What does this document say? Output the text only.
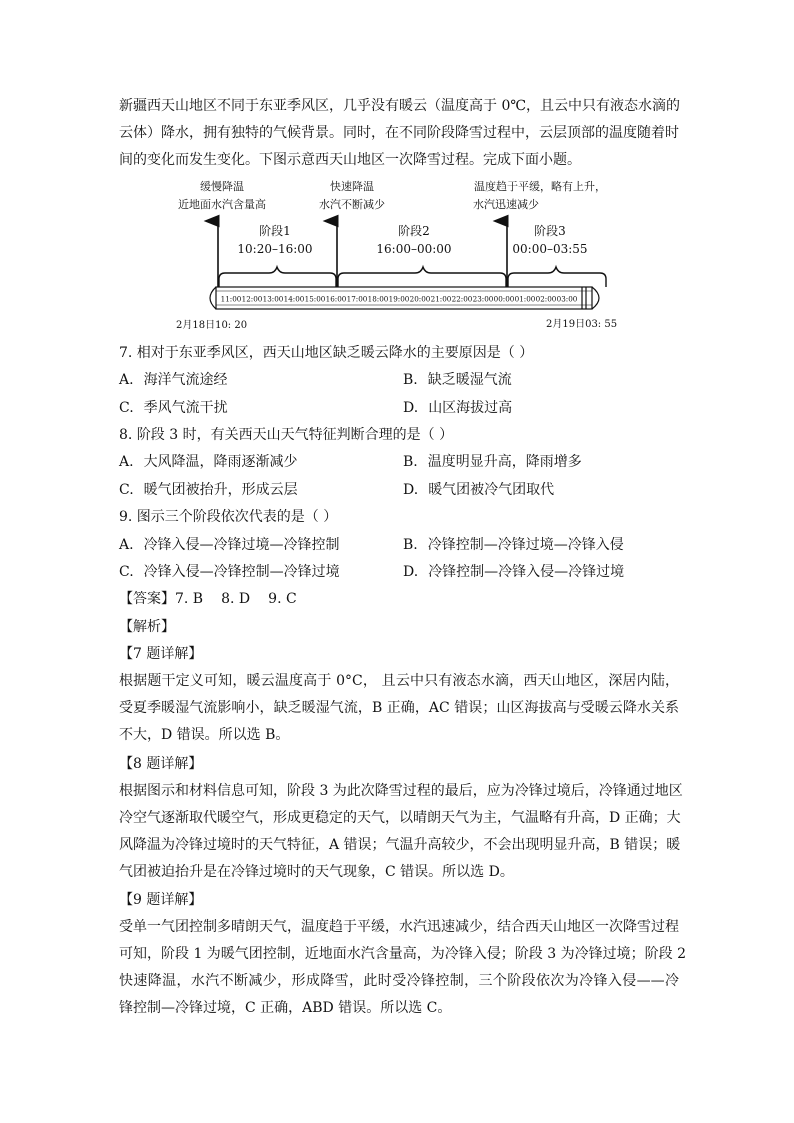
新疆西天山地区不同于东亚季风区，几乎没有暖云（温度高于 0℃，且云中只有液态水滴的
云体）降水，拥有独特的气候背景。同时，在不同阶段降雪过程中，云层顶部的温度随着时
间的变化而发生变化。下图示意西天山地区一次降雪过程。完成下面小题。
缓慢降温
近地面水汽含量高
快速降温
水汽不断减少
温度趋于平缓，略有上升，
水汽迅速减少
阶段1
10:20–16:00
阶段2
16:00–00:00
阶段3
00:00–03:55
11:00 12:00 13:00 14:00 15:00 16:00 17:00 18:00 19:00 20:00 21:00 22:00 23:00 00:00 01:00 02:00 03:00
2月18日10: 20	2月19日03: 55
7. 相对于东亚季风区，西天山地区缺乏暖云降水的主要原因是（ ）
A. 海洋气流途经	B. 缺乏暖湿气流
C. 季风气流干扰	D. 山区海拔过高
8. 阶段 3 时，有关西天山天气特征判断合理的是（ ）
A. 大风降温，降雨逐渐减少	B. 温度明显升高，降雨增多
C. 暖气团被抬升，形成云层	D. 暖气团被冷气团取代
9. 图示三个阶段依次代表的是（ ）
A. 冷锋入侵—冷锋过境—冷锋控制	B. 冷锋控制—冷锋过境—冷锋入侵
C. 冷锋入侵—冷锋控制—冷锋过境	D. 冷锋控制—冷锋入侵—冷锋过境
【答案】7. B 8. D 9. C
【解析】
【7 题详解】
根据题干定义可知，暖云温度高于 0°C， 且云中只有液态水滴，西天山地区，深居内陆，
受夏季暖湿气流影响小，缺乏暖湿气流，B 正确，AC 错误；山区海拔高与受暖云降水关系
不大，D 错误。所以选 B。
【8 题详解】
根据图示和材料信息可知，阶段 3 为此次降雪过程的最后，应为冷锋过境后，冷锋通过地区
冷空气逐渐取代暖空气，形成更稳定的天气，以晴朗天气为主，气温略有升高，D 正确；大
风降温为冷锋过境时的天气特征，A 错误；气温升高较少，不会出现明显升高，B 错误；暖
气团被迫抬升是在冷锋过境时的天气现象，C 错误。所以选 D。
【9 题详解】
受单一气团控制多晴朗天气，温度趋于平缓，水汽迅速减少，结合西天山地区一次降雪过程
可知，阶段 1 为暖气团控制，近地面水汽含量高，为冷锋入侵；阶段 3 为冷锋过境；阶段 2
快速降温，水汽不断减少，形成降雪，此时受冷锋控制，三个阶段依次为冷锋入侵——冷
锋控制—冷锋过境，C 正确，ABD 错误。所以选 C。
